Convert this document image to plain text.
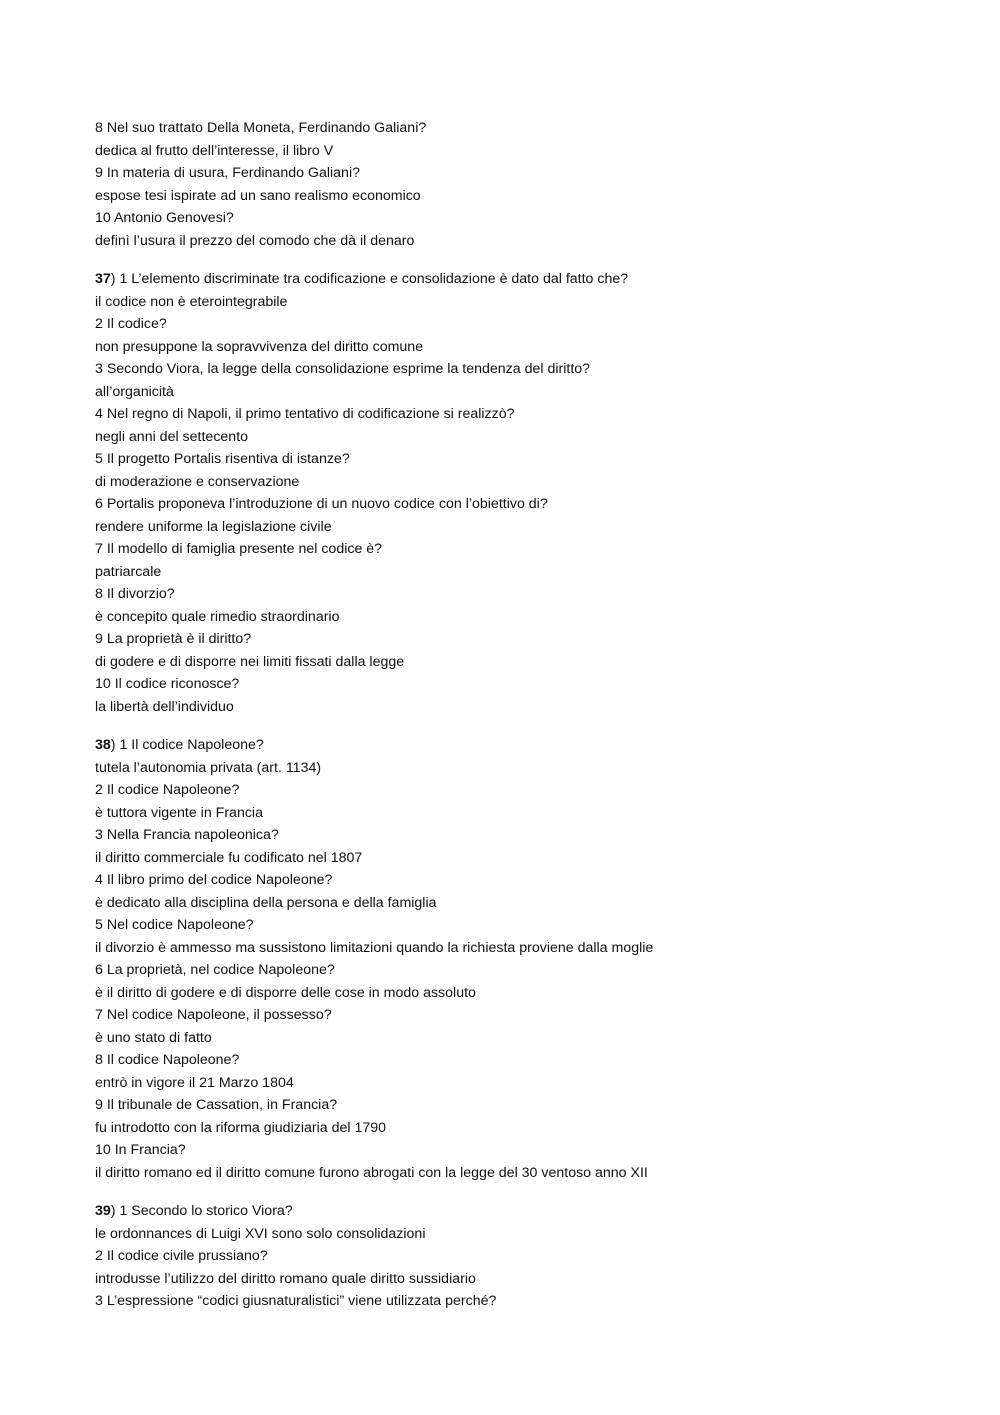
8 Nel suo trattato Della Moneta, Ferdinando Galiani?
dedica al frutto dell’interesse, il libro V
9 In materia di usura, Ferdinando Galiani?
espose tesi ispirate ad un sano realismo economico
10 Antonio Genovesi?
definì l’usura il prezzo del comodo che dà il denaro
37) 1 L’elemento discriminate tra codificazione e consolidazione è dato dal fatto che?
il codice non è eterointegrabile
2 Il codice?
non presuppone la sopravvivenza del diritto comune
3 Secondo Viora, la legge della consolidazione esprime la tendenza del diritto?
all’organicità
4 Nel regno di Napoli, il primo tentativo di codificazione si realizzò?
negli anni del settecento
5 Il progetto Portalis risentiva di istanze?
di moderazione e conservazione
6 Portalis proponeva l’introduzione di un nuovo codice con l’obiettivo di?
rendere uniforme la legislazione civile
7 Il modello di famiglia presente nel codice è?
patriarcale
8 Il divorzio?
è concepito quale rimedio straordinario
9 La proprietà è il diritto?
di godere e di disporre nei limiti fissati dalla legge
10 Il codice riconosce?
la libertà dell’individuo
38) 1 Il codice Napoleone?
tutela l’autonomia privata (art. 1134)
2 Il codice Napoleone?
è tuttora vigente in Francia
3 Nella Francia napoleonica?
il diritto commerciale fu codificato nel 1807
4 Il libro primo del codice Napoleone?
è dedicato alla disciplina della persona e della famiglia
5 Nel codice Napoleone?
il divorzio è ammesso ma sussistono limitazioni quando la richiesta proviene dalla moglie
6 La proprietà, nel codice Napoleone?
è il diritto di godere e di disporre delle cose in modo assoluto
7 Nel codice Napoleone, il possesso?
è uno stato di fatto
8 Il codice Napoleone?
entrò in vigore il 21 Marzo 1804
9 Il tribunale de Cassation, in Francia?
fu introdotto con la riforma giudiziaria del 1790
10 In Francia?
il diritto romano ed il diritto comune furono abrogati con la legge del 30 ventoso anno XII
39) 1 Secondo lo storico Viora?
le ordonnances di Luigi XVI sono solo consolidazioni
2 Il codice civile prussiano?
introdusse l’utilizzo del diritto romano quale diritto sussidiario
3 L’espressione “codici giusnaturalistici” viene utilizzata perché?
